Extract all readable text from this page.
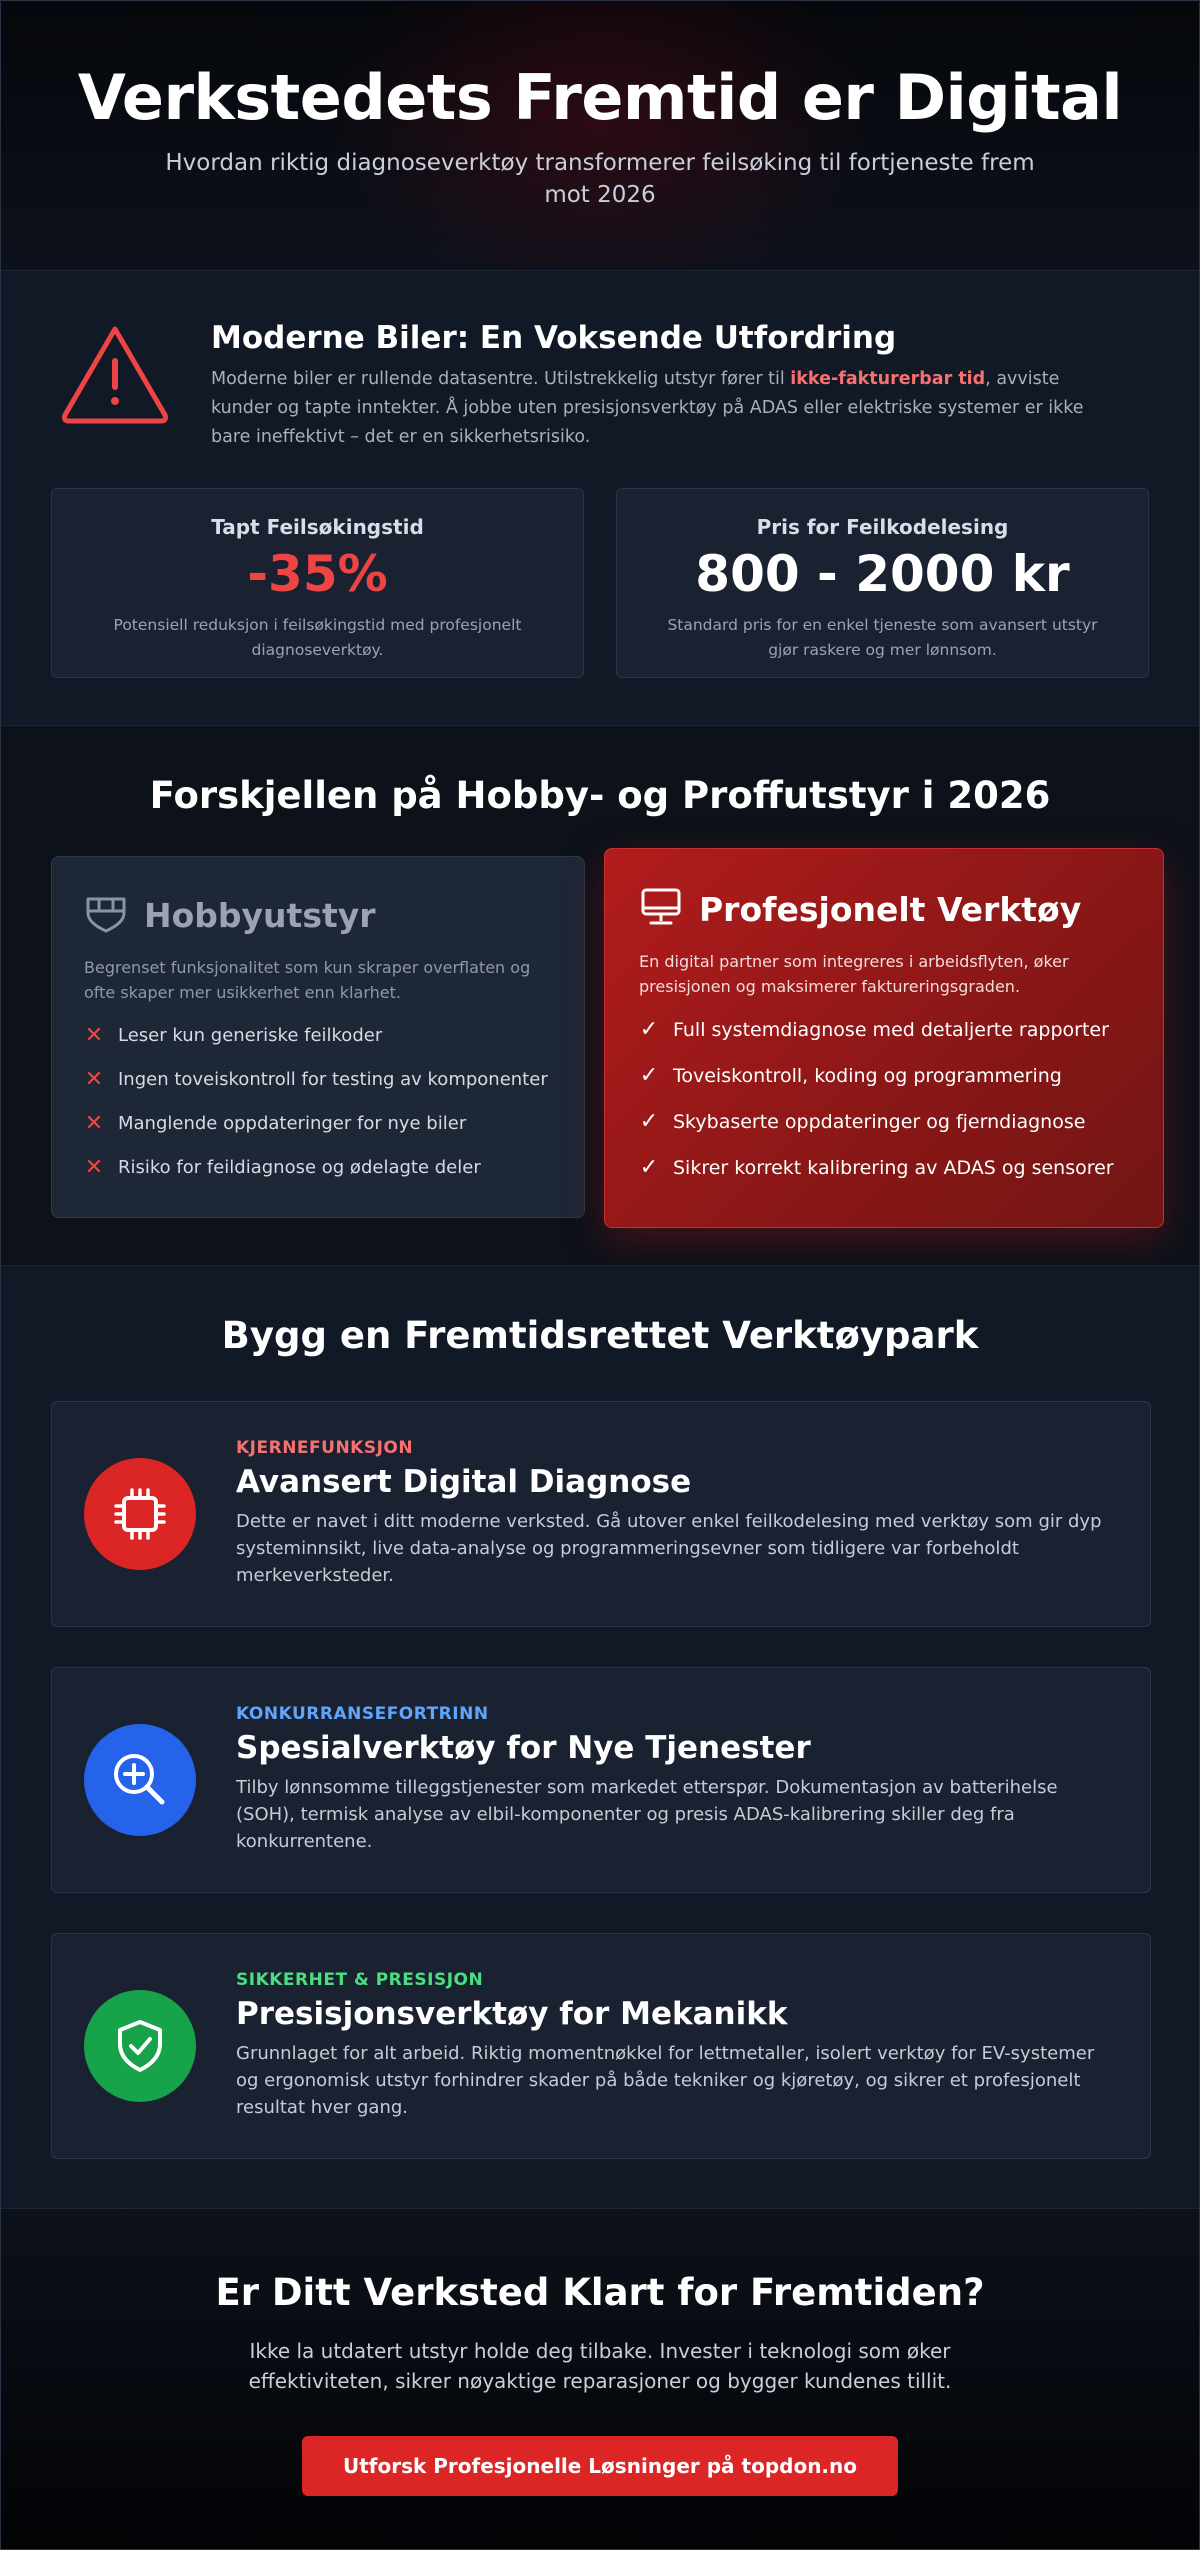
Verkstedets Fremtid er Digital

Hvordan riktig diagnoseverktøy transformerer feilsøking til fortjeneste frem mot 2026

Moderne Biler: En Voksende Utfordring

Moderne biler er rullende datasentre. Utilstrekkelig utstyr fører til ikke-fakturerbar tid, avviste kunder og tapte inntekter. Å jobbe uten presisjonsverktøy på ADAS eller elektriske systemer er ikke bare ineffektivt – det er en sikkerhetsrisiko.

Tapt Feilsøkingstid
-35%
Potensiell reduksjon i feilsøkingstid med profesjonelt diagnoseverktøy.
Pris for Feilkodelesing
800 - 2000 kr
Standard pris for en enkel tjeneste som avansert utstyr gjør raskere og mer lønnsom.
Forskjellen på Hobby- og Proffutstyr i 2026
Hobbyutstyr

Begrenset funksjonalitet som kun skraper overflaten og ofte skaper mer usikkerhet enn klarhet.

✕ Leser kun generiske feilkoder
✕ Ingen toveiskontroll for testing av komponenter
✕ Manglende oppdateringer for nye biler
✕ Risiko for feildiagnose og ødelagte deler
Profesjonelt Verktøy

En digital partner som integreres i arbeidsflyten, øker presisjonen og maksimerer faktureringsgraden.

✓ Full systemdiagnose med detaljerte rapporter
✓ Toveiskontroll, koding og programmering
✓ Skybaserte oppdateringer og fjerndiagnose
✓ Sikrer korrekt kalibrering av ADAS og sensorer
Bygg en Fremtidsrettet Verktøypark
KJERNEFUNKSJON
Avansert Digital Diagnose
Dette er navet i ditt moderne verksted. Gå utover enkel feilkodelesing med verktøy som gir dyp systeminnsikt, live data-analyse og programmeringsevner som tidligere var forbeholdt merkeverksteder.
KONKURRANSEFORTRINN
Spesialverktøy for Nye Tjenester
Tilby lønnsomme tilleggstjenester som markedet etterspør. Dokumentasjon av batterihelse (SOH), termisk analyse av elbil-komponenter og presis ADAS-kalibrering skiller deg fra konkurrentene.
SIKKERHET & PRESISJON
Presisjonsverktøy for Mekanikk
Grunnlaget for alt arbeid. Riktig momentnøkkel for lettmetaller, isolert verktøy for EV-systemer og ergonomisk utstyr forhindrer skader på både tekniker og kjøretøy, og sikrer et profesjonelt resultat hver gang.
Er Ditt Verksted Klart for Fremtiden?

Ikke la utdatert utstyr holde deg tilbake. Invester i teknologi som øker effektiviteten, sikrer nøyaktige reparasjoner og bygger kundenes tillit.

Utforsk Profesjonelle Løsninger på topdon.no
